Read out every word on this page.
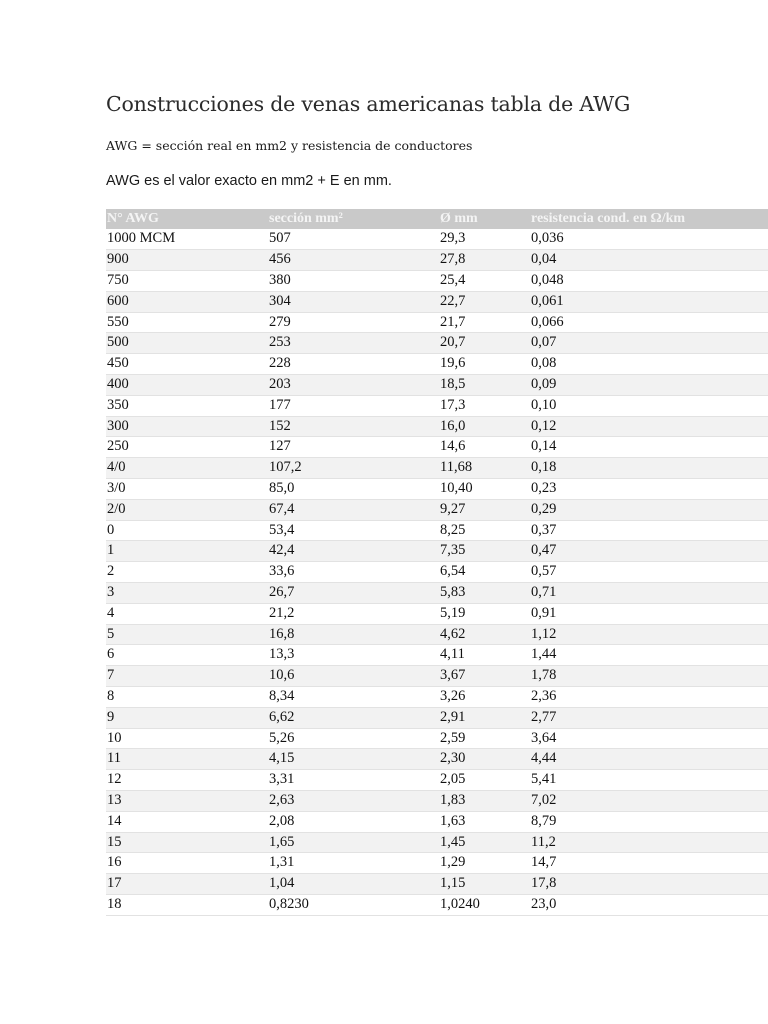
Construcciones de venas americanas tabla de AWG

AWG = sección real en mm2 y resistencia de conductores

AWG es el valor exacto en mm2 + E en mm.

N° AWG	sección mm²	Ø mm	resistencia cond. en Ω/km
1000 MCM	507	29,3	0,036
900	456	27,8	0,04
750	380	25,4	0,048
600	304	22,7	0,061
550	279	21,7	0,066
500	253	20,7	0,07
450	228	19,6	0,08
400	203	18,5	0,09
350	177	17,3	0,10
300	152	16,0	0,12
250	127	14,6	0,14
4/0	107,2	11,68	0,18
3/0	85,0	10,40	0,23
2/0	67,4	9,27	0,29
0	53,4	8,25	0,37
1	42,4	7,35	0,47
2	33,6	6,54	0,57
3	26,7	5,83	0,71
4	21,2	5,19	0,91
5	16,8	4,62	1,12
6	13,3	4,11	1,44
7	10,6	3,67	1,78
8	8,34	3,26	2,36
9	6,62	2,91	2,77
10	5,26	2,59	3,64
11	4,15	2,30	4,44
12	3,31	2,05	5,41
13	2,63	1,83	7,02
14	2,08	1,63	8,79
15	1,65	1,45	11,2
16	1,31	1,29	14,7
17	1,04	1,15	17,8
18	0,8230	1,0240	23,0
